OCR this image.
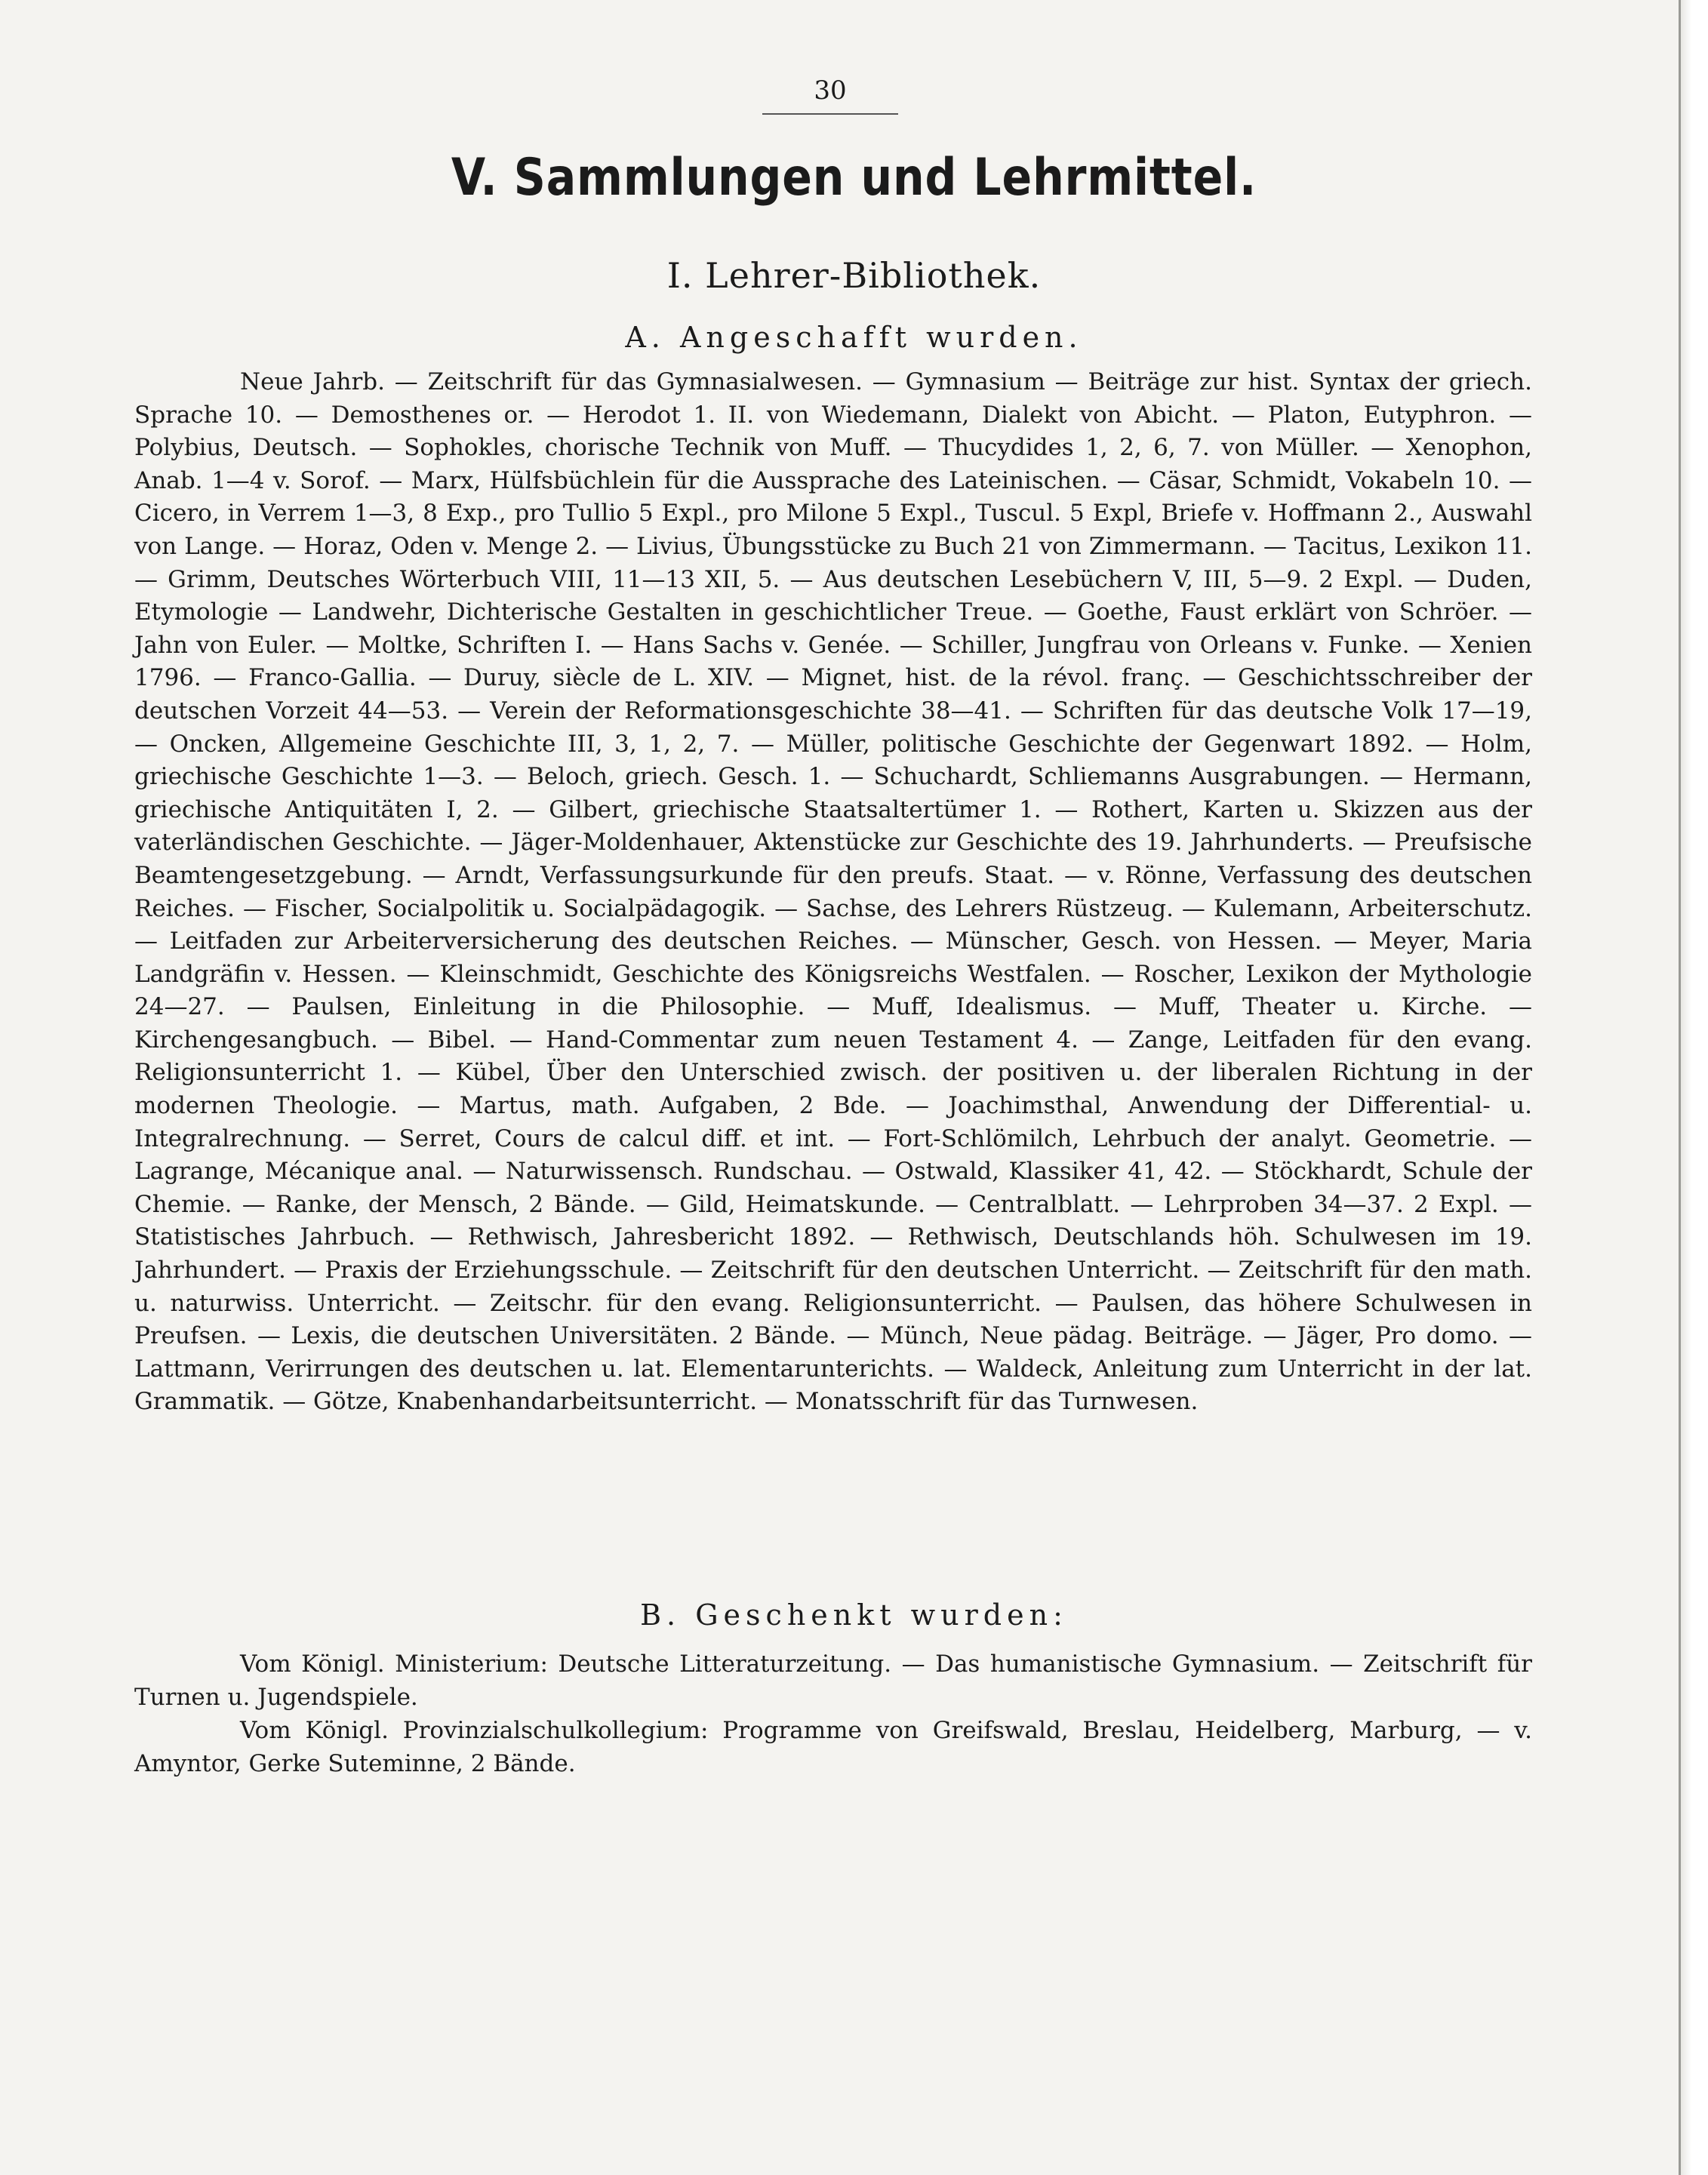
30
V. Sammlungen und Lehrmittel.
I. Lehrer-Bibliothek.
A. Angeschafft wurden.

Neue Jahrb. — Zeitschrift für das Gymnasialwesen. — Gymnasium — Beiträge zur hist. Syntax der griech. Sprache 10. — Demosthenes or. — Herodot 1. II. von Wiedemann, Dialekt von Abicht. — Platon, Eutyphron. — Polybius, Deutsch. — Sophokles, chorische Technik von Muff. — Thucydides 1, 2, 6, 7. von Müller. — Xenophon, Anab. 1—4 v. Sorof. — Marx, Hülfsbüchlein für die Aussprache des Lateinischen. — Cäsar, Schmidt, Vokabeln 10. — Cicero, in Verrem 1—3, 8 Exp., pro Tullio 5 Expl., pro Milone 5 Expl., Tuscul. 5 Expl, Briefe v. Hoffmann 2., Auswahl von Lange. — Horaz, Oden v. Menge 2. — Livius, Übungsstücke zu Buch 21 von Zimmermann. — Tacitus, Lexikon 11. — Grimm, Deutsches Wörterbuch VIII, 11—13 XII, 5. — Aus deutschen Lesebüchern V, III, 5—9. 2 Expl. — Duden, Etymologie — Landwehr, Dichterische Gestalten in geschichtlicher Treue. — Goethe, Faust erklärt von Schröer. — Jahn von Euler. — Moltke, Schriften I. — Hans Sachs v. Genée. — Schiller, Jungfrau von Orleans v. Funke. — Xenien 1796. — Franco-Gallia. — Duruy, siècle de L. XIV. — Mignet, hist. de la révol. franç. — Geschichtsschreiber der deutschen Vorzeit 44—53. — Verein der Reformationsgeschichte 38—41. — Schriften für das deutsche Volk 17—19, — Oncken, Allgemeine Geschichte III, 3, 1, 2, 7. — Müller, politische Geschichte der Gegenwart 1892. — Holm, griechische Geschichte 1—3. — Beloch, griech. Gesch. 1. — Schuchardt, Schliemanns Ausgrabungen. — Hermann, griechische Antiquitäten I, 2. — Gilbert, griechische Staatsaltertümer 1. — Rothert, Karten u. Skizzen aus der vaterländischen Geschichte. — Jäger-Moldenhauer, Aktenstücke zur Geschichte des 19. Jahrhunderts. — Preufsische Beamtengesetzgebung. — Arndt, Verfassungsurkunde für den preufs. Staat. — v. Rönne, Verfassung des deutschen Reiches. — Fischer, Socialpolitik u. Socialpädagogik. — Sachse, des Lehrers Rüstzeug. — Kulemann, Arbeiterschutz. — Leitfaden zur Arbeiterversicherung des deutschen Reiches. — Münscher, Gesch. von Hessen. — Meyer, Maria Landgräfin v. Hessen. — Kleinschmidt, Geschichte des Königsreichs Westfalen. — Roscher, Lexikon der Mythologie 24—27. — Paulsen, Einleitung in die Philosophie. — Muff, Idealismus. — Muff, Theater u. Kirche. — Kirchengesangbuch. — Bibel. — Hand-Commentar zum neuen Testament 4. — Zange, Leitfaden für den evang. Religionsunterricht 1. — Kübel, Über den Unterschied zwisch. der positiven u. der liberalen Richtung in der modernen Theologie. — Martus, math. Aufgaben, 2 Bde. — Joachimsthal, Anwendung der Differential- u. Integralrechnung. — Serret, Cours de calcul diff. et int. — Fort-Schlömilch, Lehrbuch der analyt. Geometrie. — Lagrange, Mécanique anal. — Naturwissensch. Rundschau. — Ostwald, Klassiker 41, 42. — Stöckhardt, Schule der Chemie. — Ranke, der Mensch, 2 Bände. — Gild, Heimatskunde. — Centralblatt. — Lehrproben 34—37. 2 Expl. — Statistisches Jahrbuch. — Rethwisch, Jahresbericht 1892. — Rethwisch, Deutschlands höh. Schulwesen im 19. Jahrhundert. — Praxis der Erziehungsschule. — Zeitschrift für den deutschen Unterricht. — Zeitschrift für den math. u. naturwiss. Unterricht. — Zeitschr. für den evang. Religionsunterricht. — Paulsen, das höhere Schulwesen in Preufsen. — Lexis, die deutschen Universitäten. 2 Bände. — Münch, Neue pädag. Beiträge. — Jäger, Pro domo. — Lattmann, Verirrungen des deutschen u. lat. Elementarunterichts. — Waldeck, Anleitung zum Unterricht in der lat. Grammatik. — Götze, Knabenhandarbeitsunterricht. — Monatsschrift für das Turnwesen.

B. Geschenkt wurden:

Vom Königl. Ministerium: Deutsche Litteraturzeitung. — Das humanistische Gymnasium. — Zeitschrift für Turnen u. Jugendspiele.

Vom Königl. Provinzialschulkollegium: Programme von Greifswald, Breslau, Heidelberg, Marburg, — v. Amyntor, Gerke Suteminne, 2 Bände.
